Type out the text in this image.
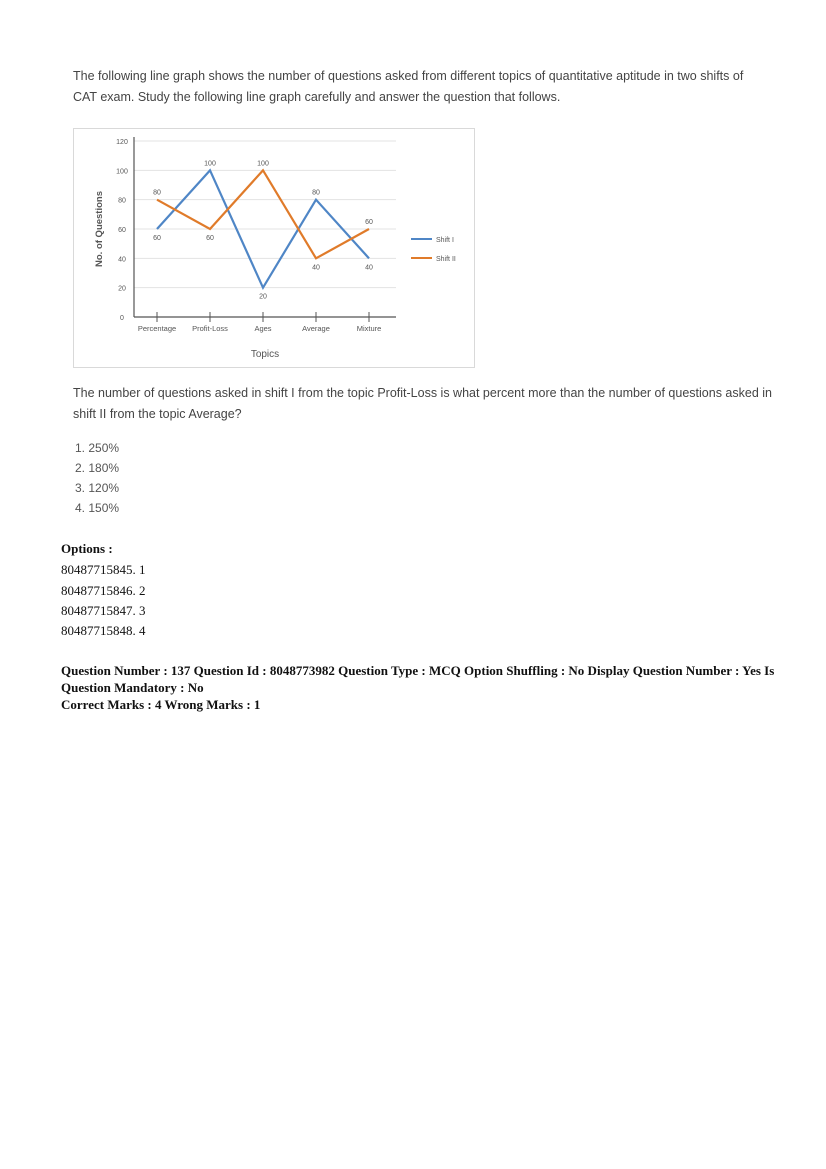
The following line graph shows the number of questions asked from different topics of quantitative aptitude in two shifts of CAT exam. Study the following line graph carefully and answer the question that follows.
0
20
40
60
80
100
120
Percentage Profit-Loss	Ages	Average	Mixture
Topics
No. of Questions	60
100
20
80
40
80
60
100
40
60
Shift I
Shift II
The number of questions asked in shift I from the topic Profit-Loss is what percent more than the number of questions asked in shift II from the topic Average?
1. 250%
2. 180%
3. 120%
4. 150%
Options :
80487715845. 1
80487715846. 2
80487715847. 3
80487715848. 4
Question Number : 137 Question Id : 8048773982 Question Type : MCQ Option Shuffling : No Display Question Number : Yes Is Question Mandatory : No
Correct Marks : 4 Wrong Marks : 1
